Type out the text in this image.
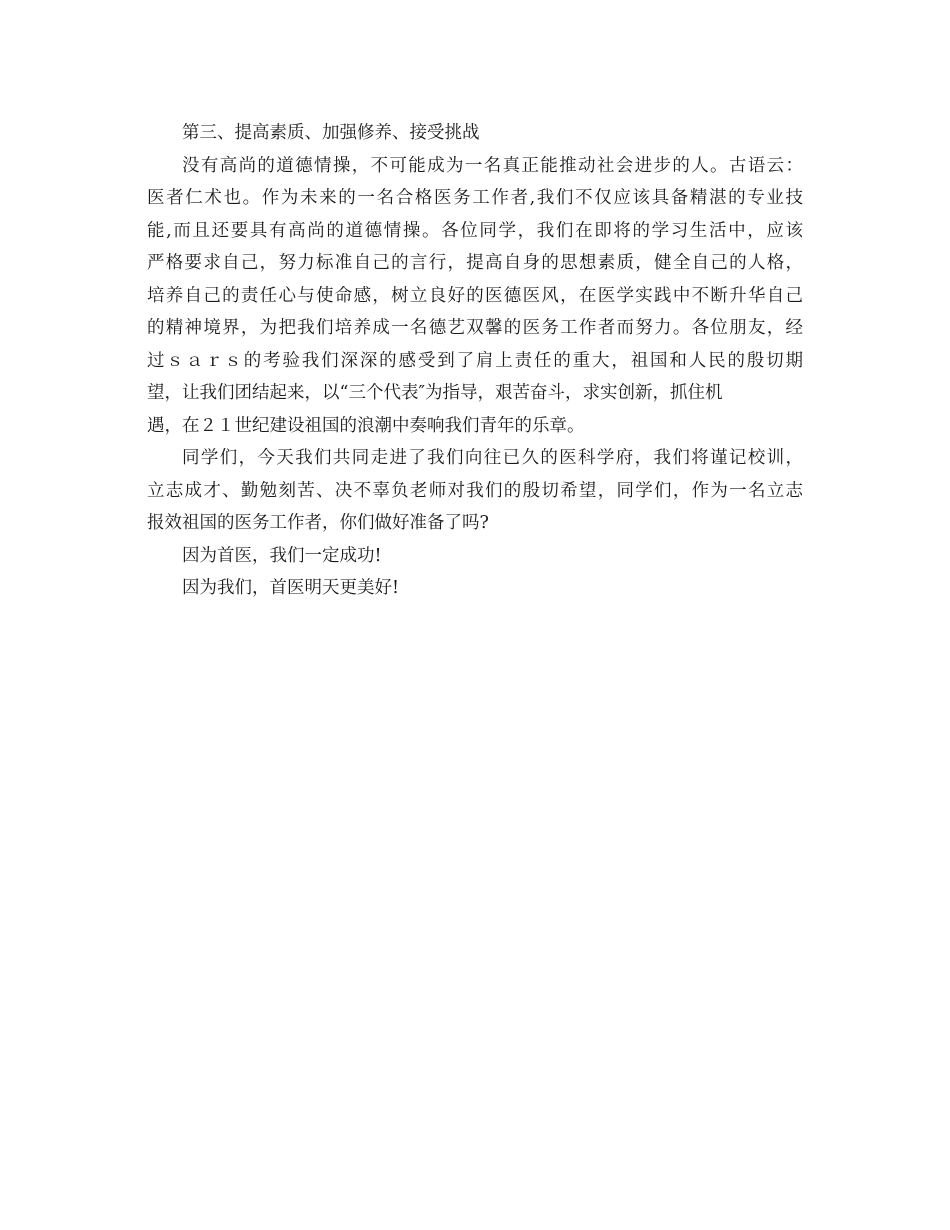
第三、提高素质、加强修养、接受挑战
没有高尚的道德情操，不可能成为一名真正能推动社会进步的人。古语云：
医者仁术也。作为未来的一名合格医务工作者,我们不仅应该具备精湛的专业技
能,而且还要具有高尚的道德情操。各位同学，我们在即将的学习生活中，应该
严格要求自己，努力标准自己的言行，提高自身的思想素质，健全自己的人格，
培养自己的责任心与使命感，树立良好的医德医风，在医学实践中不断升华自己
的精神境界，为把我们培养成一名德艺双馨的医务工作者而努力。各位朋友，经
过ｓａｒｓ的考验我们深深的感受到了肩上责任的重大，祖国和人民的殷切期
望，让我们团结起来，以“三个代表″为指导，艰苦奋斗，求实创新，抓住机
遇，在２１世纪建设祖国的浪潮中奏响我们青年的乐章。
同学们，今天我们共同走进了我们向往已久的医科学府，我们将谨记校训，
立志成才、勤勉刻苦、决不辜负老师对我们的殷切希望，同学们，作为一名立志
报效祖国的医务工作者，你们做好准备了吗?
因为首医，我们一定成功!
因为我们，首医明天更美好!
